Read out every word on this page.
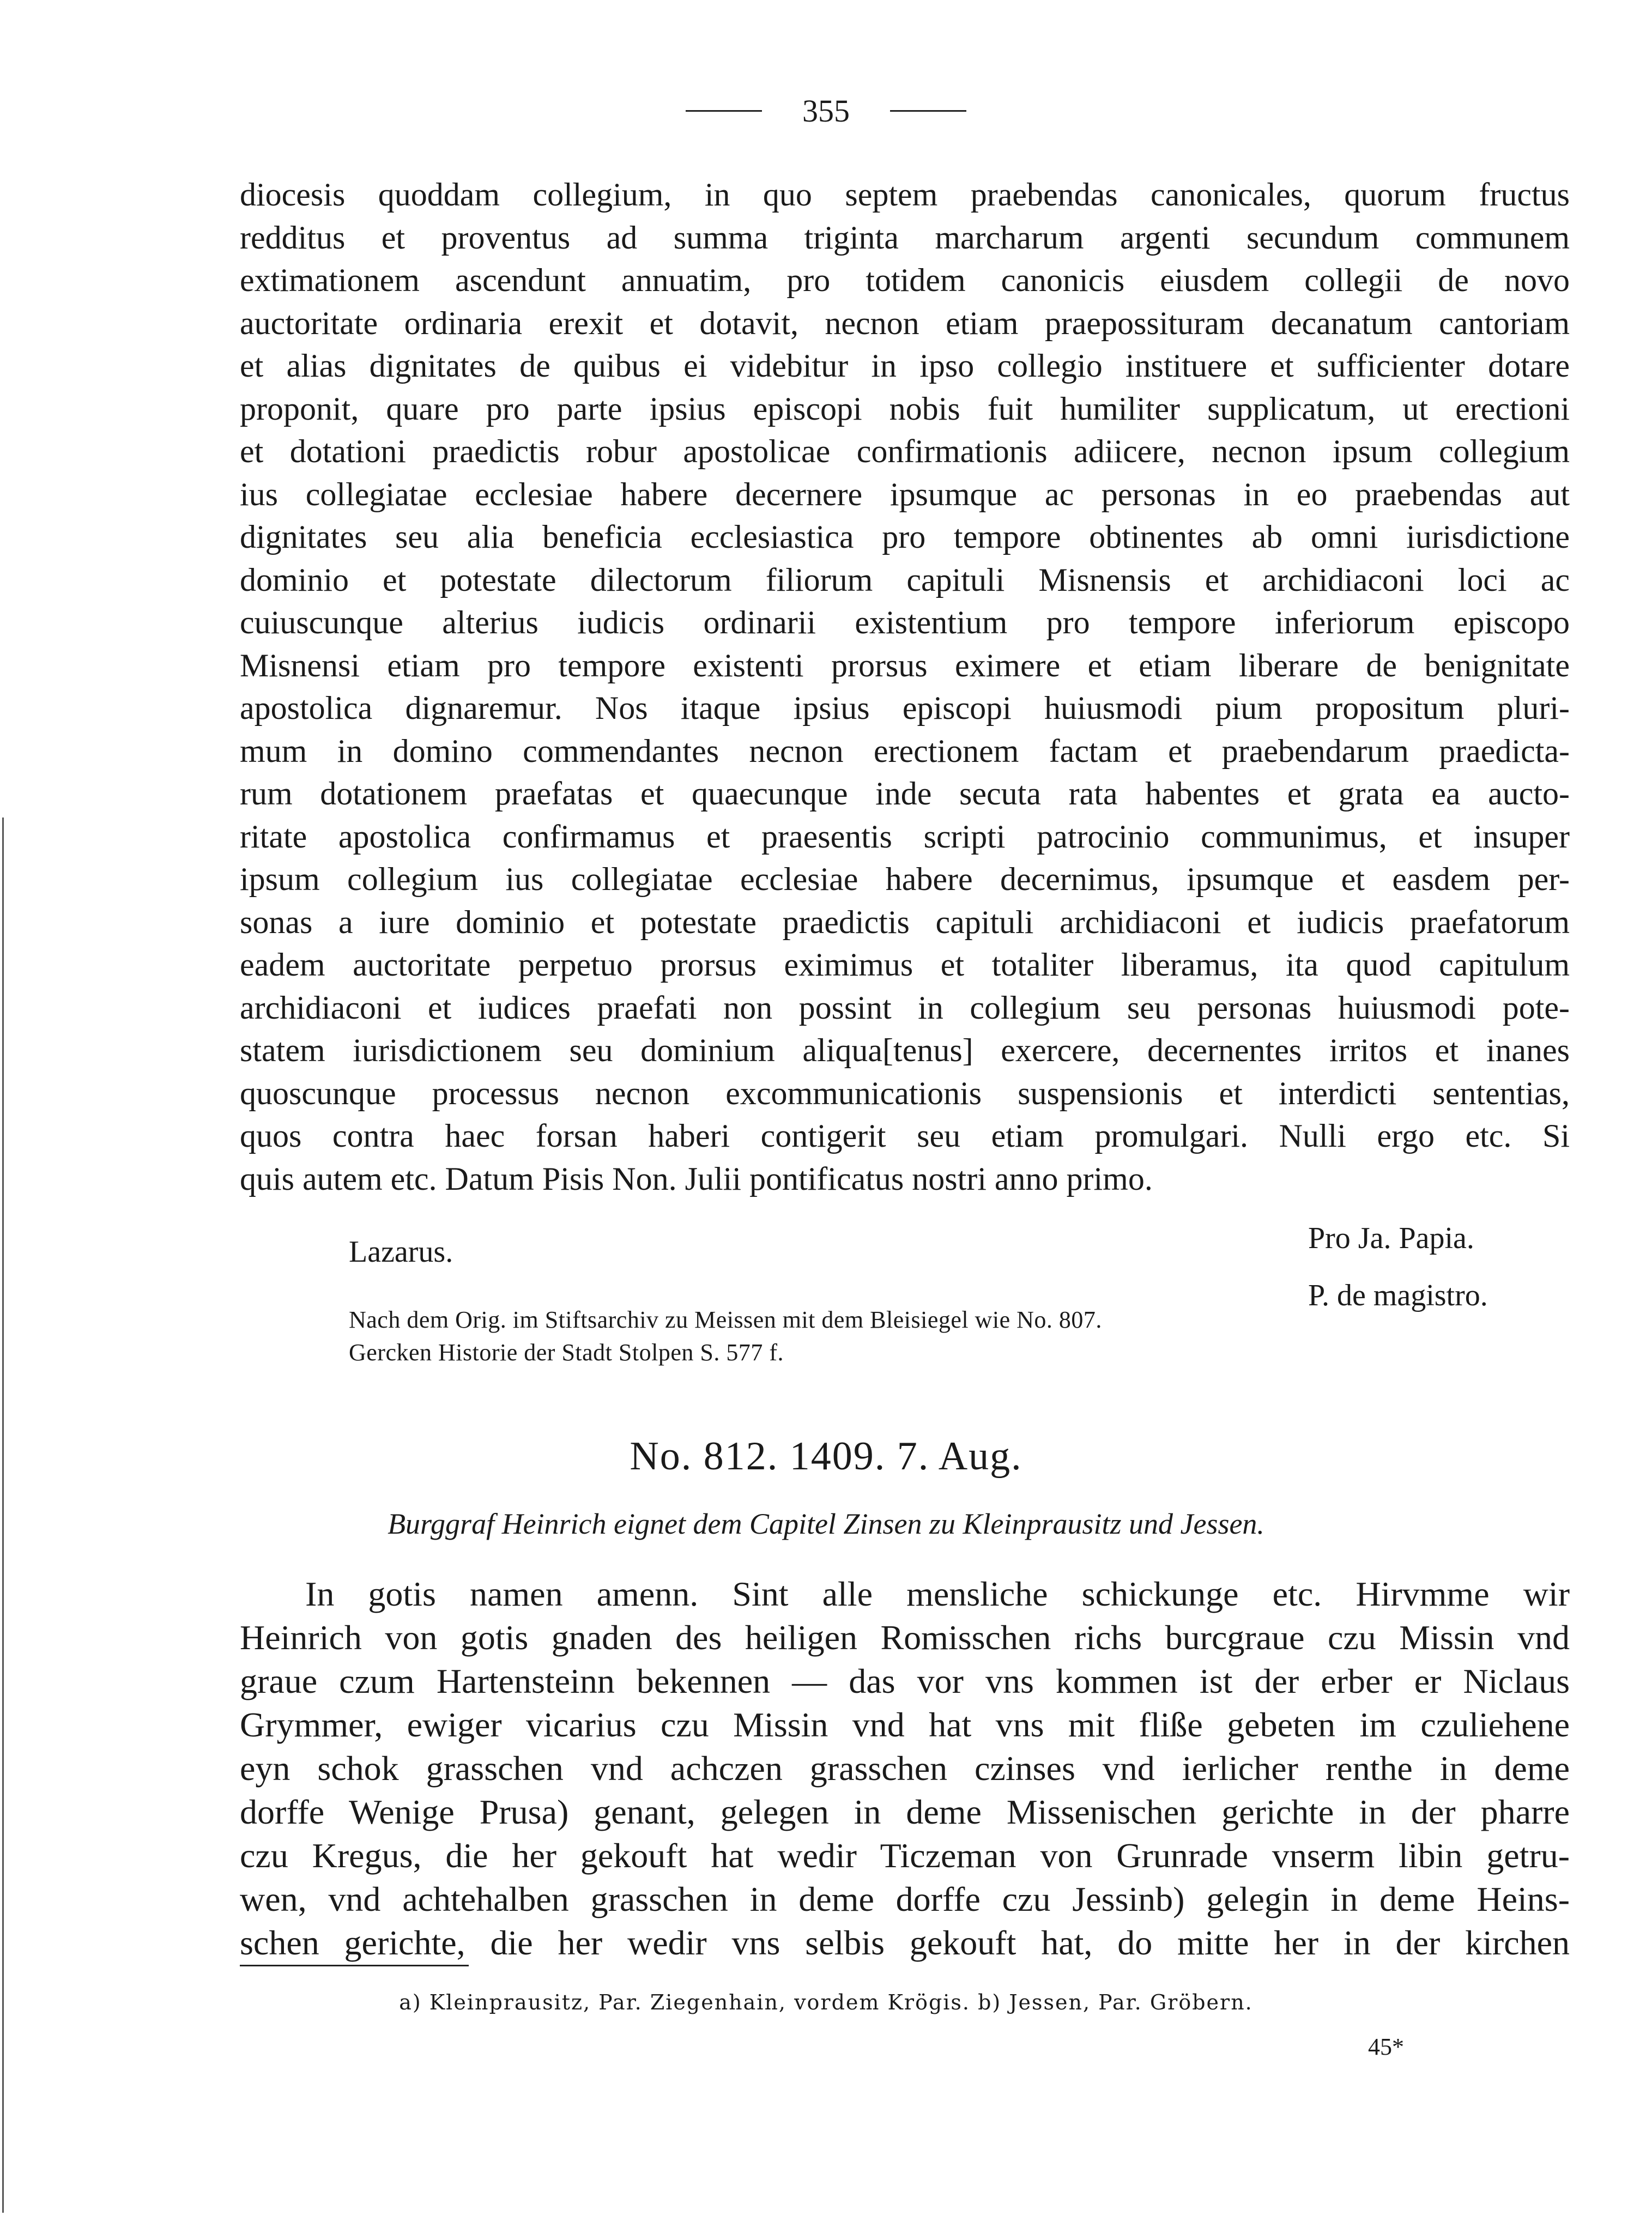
355
diocesis quoddam collegium, in quo septem praebendas canonicales, quorum fructus
redditus et proventus ad summa triginta marcharum argenti secundum communem
extimationem ascendunt annuatim, pro totidem canonicis eiusdem collegii de novo
auctoritate ordinaria erexit et dotavit, necnon etiam praepossituram decanatum cantoriam
et alias dignitates de quibus ei videbitur in ipso collegio instituere et sufficienter dotare
proponit, quare pro parte ipsius episcopi nobis fuit humiliter supplicatum, ut erectioni
et dotationi praedictis robur apostolicae confirmationis adiicere, necnon ipsum collegium
ius collegiatae ecclesiae habere decernere ipsumque ac personas in eo praebendas aut
dignitates seu alia beneficia ecclesiastica pro tempore obtinentes ab omni iurisdictione
dominio et potestate dilectorum filiorum capituli Misnensis et archidiaconi loci ac
cuiuscunque alterius iudicis ordinarii existentium pro tempore inferiorum episcopo
Misnensi etiam pro tempore existenti prorsus eximere et etiam liberare de benignitate
apostolica dignaremur. Nos itaque ipsius episcopi huiusmodi pium propositum pluri-
mum in domino commendantes necnon erectionem factam et praebendarum praedicta-
rum dotationem praefatas et quaecunque inde secuta rata habentes et grata ea aucto-
ritate apostolica confirmamus et praesentis scripti patrocinio communimus, et insuper
ipsum collegium ius collegiatae ecclesiae habere decernimus, ipsumque et easdem per-
sonas a iure dominio et potestate praedictis capituli archidiaconi et iudicis praefatorum
eadem auctoritate perpetuo prorsus eximimus et totaliter liberamus, ita quod capitulum
archidiaconi et iudices praefati non possint in collegium seu personas huiusmodi pote-
statem iurisdictionem seu dominium aliqua[tenus] exercere, decernentes irritos et inanes
quoscunque processus necnon excommunicationis suspensionis et interdicti sententias,
quos contra haec forsan haberi contigerit seu etiam promulgari. Nulli ergo etc. Si
quis autem etc. Datum Pisis Non. Julii pontificatus nostri anno primo.
Lazarus.	Pro Ja. Papia.
P. de magistro.
Nach dem Orig. im Stiftsarchiv zu Meissen mit dem Bleisiegel wie No. 807.
Gercken Historie der Stadt Stolpen S. 577 f.
No. 812. 1409. 7. Aug.
Burggraf Heinrich eignet dem Capitel Zinsen zu Kleinprausitz und Jessen.
In gotis namen amenn. Sint alle mensliche schickunge etc. Hirvmme wir
Heinrich von gotis gnaden des heiligen Romisschen richs burcgraue czu Missin vnd
graue czum Hartensteinn bekennen — das vor vns kommen ist der erber er Niclaus
Grymmer, ewiger vicarius czu Missin vnd hat vns mit fliße gebeten im czuliehene
eyn schok grasschen vnd achczen grasschen czinses vnd ierlicher renthe in deme
dorffe Wenige Prusa) genant, gelegen in deme Missenischen gerichte in der pharre
czu Kregus, die her gekouft hat wedir Ticzeman von Grunrade vnserm libin getru-
wen, vnd achtehalben grasschen in deme dorffe czu Jessinb) gelegin in deme Heins-
schen gerichte, die her wedir vns selbis gekouft hat, do mitte her in der kirchen
a) Kleinprausitz, Par. Ziegenhain, vordem Krögis. b) Jessen, Par. Gröbern.
45*
